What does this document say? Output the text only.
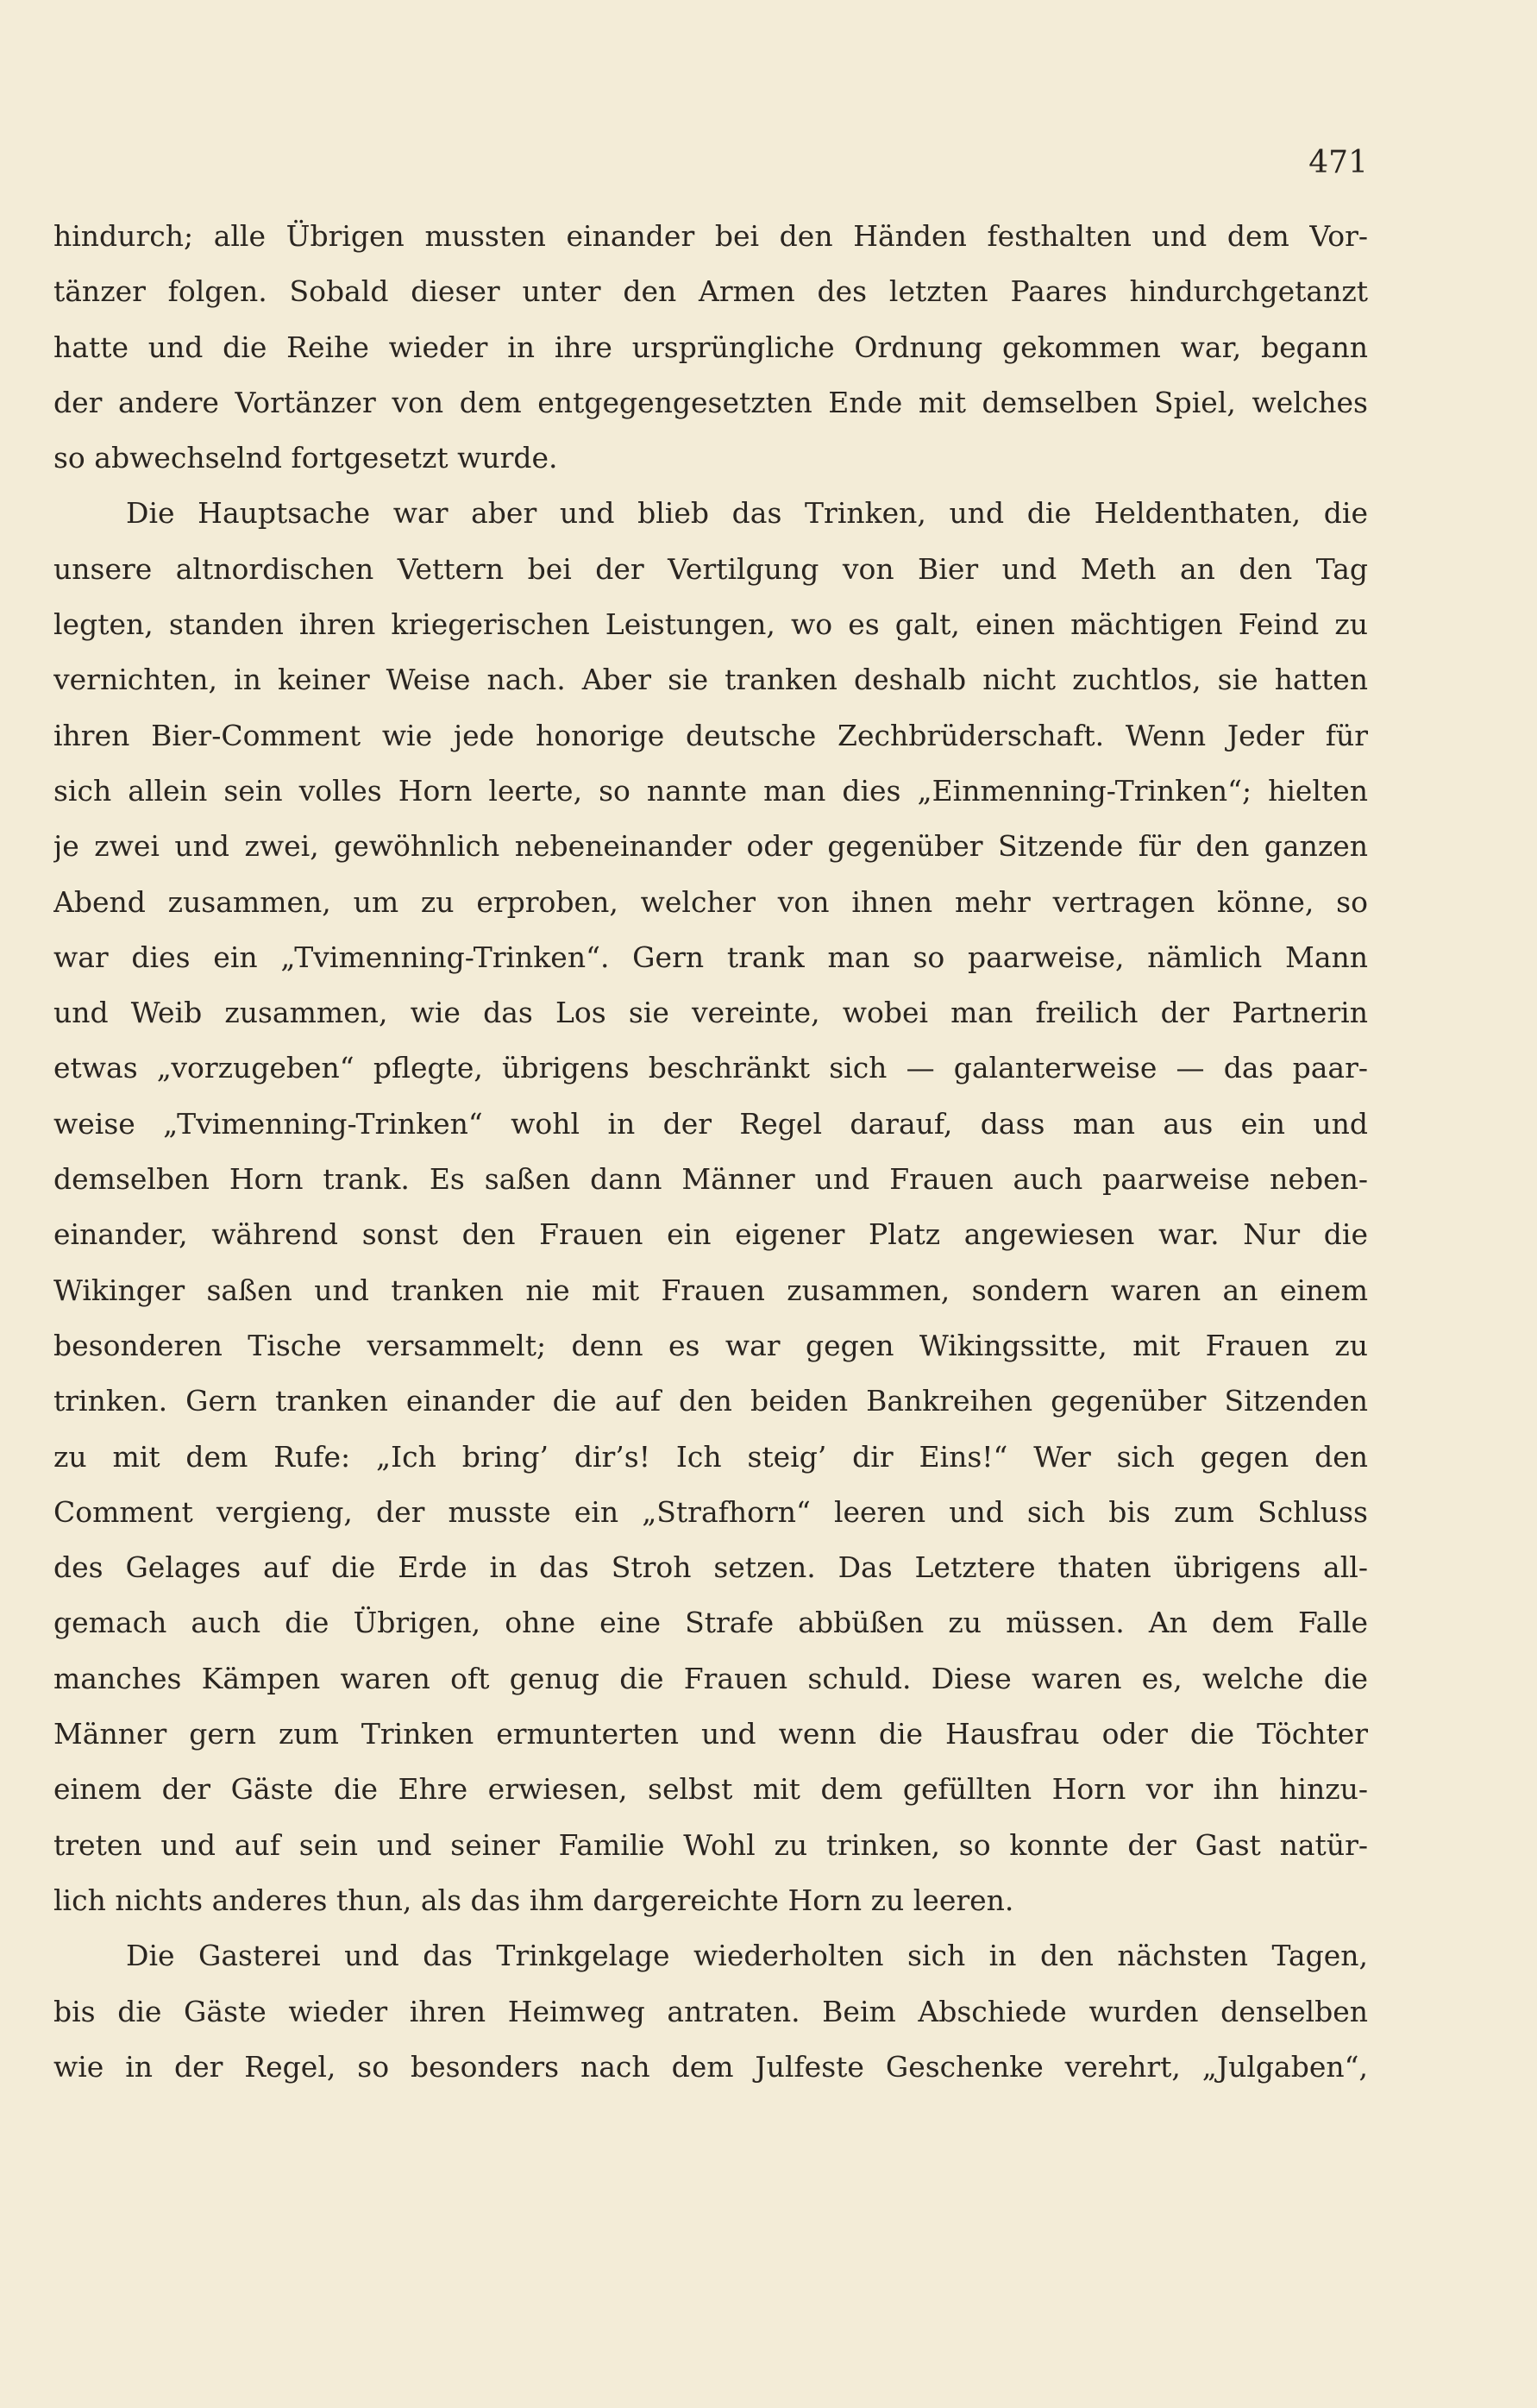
471
hindurch; alle Übrigen mussten einander bei den Händen festhalten und dem Vor-
tänzer folgen. Sobald dieser unter den Armen des letzten Paares hindurchgetanzt
hatte und die Reihe wieder in ihre ursprüngliche Ordnung gekommen war, begann
der andere Vortänzer von dem entgegengesetzten Ende mit demselben Spiel, welches
so abwechselnd fortgesetzt wurde.
Die Hauptsache war aber und blieb das Trinken, und die Heldenthaten, die
unsere altnordischen Vettern bei der Vertilgung von Bier und Meth an den Tag
legten, standen ihren kriegerischen Leistungen, wo es galt, einen mächtigen Feind zu
vernichten, in keiner Weise nach. Aber sie tranken deshalb nicht zuchtlos, sie hatten
ihren Bier-Comment wie jede honorige deutsche Zechbrüderschaft. Wenn Jeder für
sich allein sein volles Horn leerte, so nannte man dies „Einmenning-Trinken“; hielten
je zwei und zwei, gewöhnlich nebeneinander oder gegenüber Sitzende für den ganzen
Abend zusammen, um zu erproben, welcher von ihnen mehr vertragen könne, so
war dies ein „Tvimenning-Trinken“. Gern trank man so paarweise, nämlich Mann
und Weib zusammen, wie das Los sie vereinte, wobei man freilich der Partnerin
etwas „vorzugeben“ pflegte, übrigens beschränkt sich — galanterweise — das paar-
weise „Tvimenning-Trinken“ wohl in der Regel darauf, dass man aus ein und
demselben Horn trank. Es saßen dann Männer und Frauen auch paarweise neben-
einander, während sonst den Frauen ein eigener Platz angewiesen war. Nur die
Wikinger saßen und tranken nie mit Frauen zusammen, sondern waren an einem
besonderen Tische versammelt; denn es war gegen Wikingssitte, mit Frauen zu
trinken. Gern tranken einander die auf den beiden Bankreihen gegenüber Sitzenden
zu mit dem Rufe: „Ich bring’ dir’s! Ich steig’ dir Eins!“ Wer sich gegen den
Comment vergieng, der musste ein „Strafhorn“ leeren und sich bis zum Schluss
des Gelages auf die Erde in das Stroh setzen. Das Letztere thaten übrigens all-
gemach auch die Übrigen, ohne eine Strafe abbüßen zu müssen. An dem Falle
manches Kämpen waren oft genug die Frauen schuld. Diese waren es, welche die
Männer gern zum Trinken ermunterten und wenn die Hausfrau oder die Töchter
einem der Gäste die Ehre erwiesen, selbst mit dem gefüllten Horn vor ihn hinzu-
treten und auf sein und seiner Familie Wohl zu trinken, so konnte der Gast natür-
lich nichts anderes thun, als das ihm dargereichte Horn zu leeren.
Die Gasterei und das Trinkgelage wiederholten sich in den nächsten Tagen,
bis die Gäste wieder ihren Heimweg antraten. Beim Abschiede wurden denselben
wie in der Regel, so besonders nach dem Julfeste Geschenke verehrt, „Julgaben“,
